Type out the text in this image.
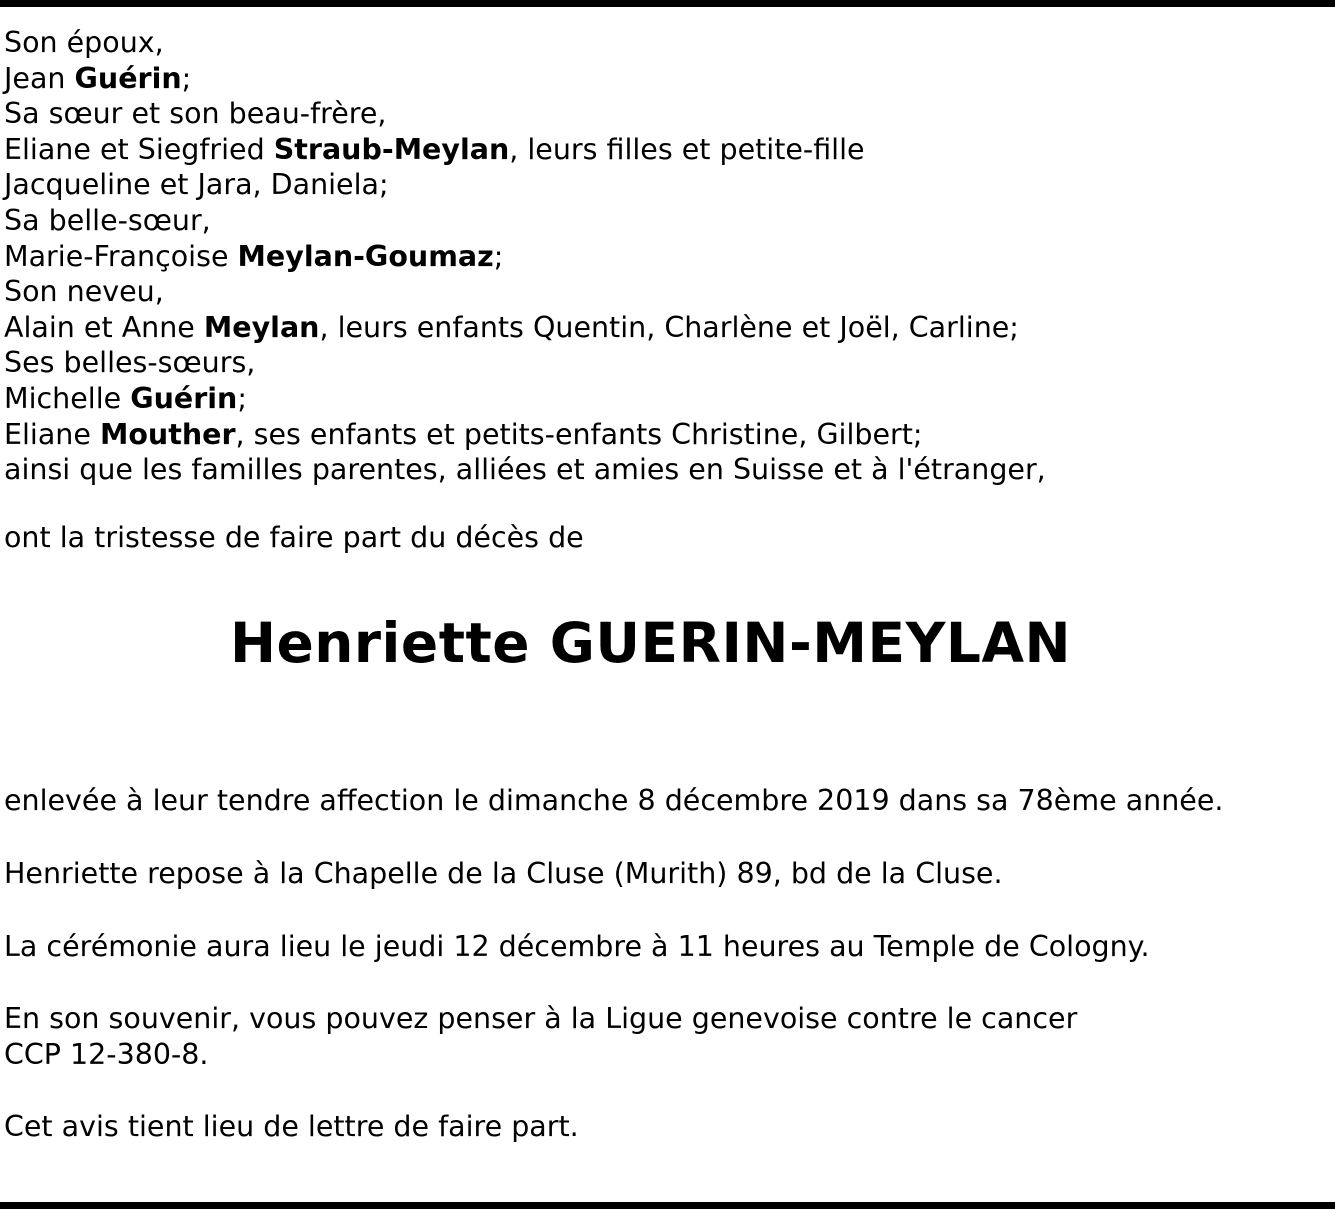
Son époux,
Jean Guérin;
Sa sœur et son beau-frère,
Eliane et Siegfried Straub-Meylan, leurs filles et petite-fille
Jacqueline et Jara, Daniela;
Sa belle-sœur,
Marie-Françoise Meylan-Goumaz;
Son neveu,
Alain et Anne Meylan, leurs enfants Quentin, Charlène et Joël, Carline;
Ses belles-sœurs,
Michelle Guérin;
Eliane Mouther, ses enfants et petits-enfants Christine, Gilbert;
ainsi que les familles parentes, alliées et amies en Suisse et à l'étranger,
ont la tristesse de faire part du décès de
Henriette GUERIN-MEYLAN

enlevée à leur tendre affection le dimanche 8 décembre 2019 dans sa 78ème année.

Henriette repose à la Chapelle de la Cluse (Murith) 89, bd de la Cluse.

La cérémonie aura lieu le jeudi 12 décembre à 11 heures au Temple de Cologny.

En son souvenir, vous pouvez penser à la Ligue genevoise contre le cancer

CCP 12-380-8.

Cet avis tient lieu de lettre de faire part.
